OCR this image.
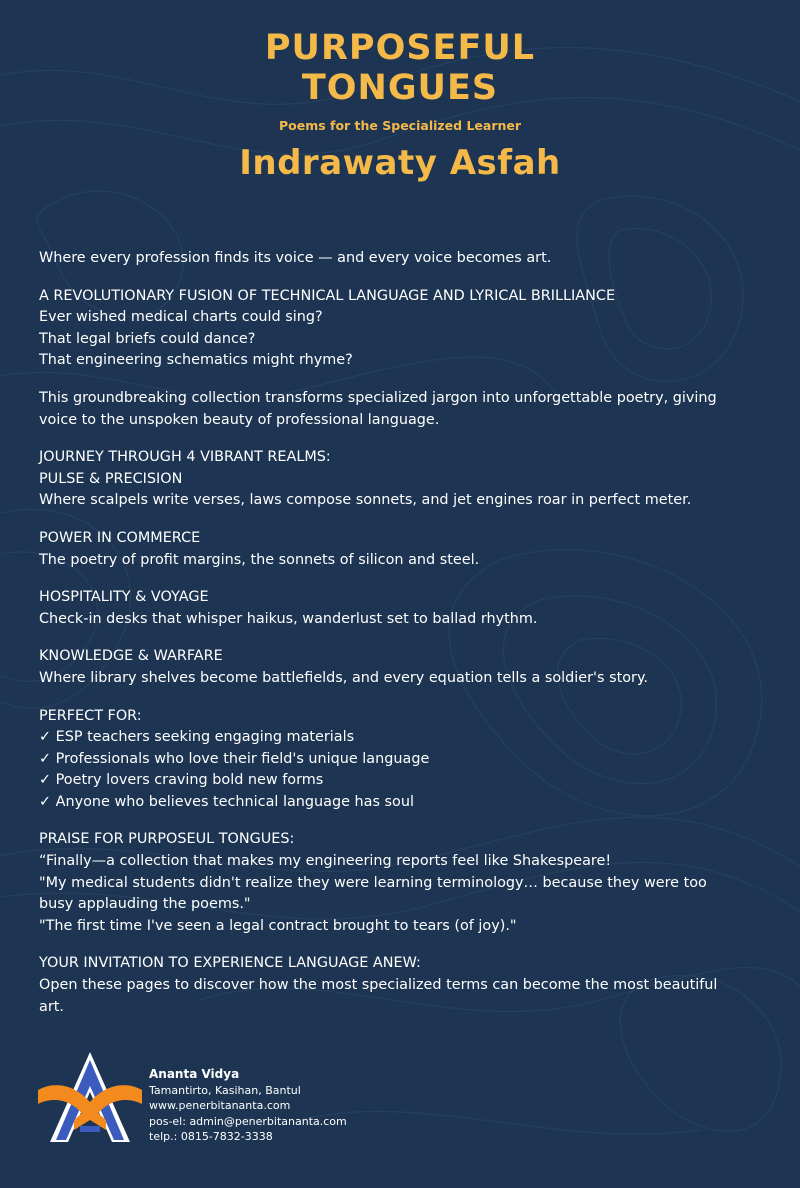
PURPOSEFUL
TONGUES
Poems for the Specialized Learner
Indrawaty Asfah

Where every profession finds its voice — and every voice becomes art.

A REVOLUTIONARY FUSION OF TECHNICAL LANGUAGE AND LYRICAL BRILLIANCE

Ever wished medical charts could sing?

That legal briefs could dance?

That engineering schematics might rhyme?

This groundbreaking collection transforms specialized jargon into unforgettable poetry, giving voice to the unspoken beauty of professional language.

JOURNEY THROUGH 4 VIBRANT REALMS:

PULSE & PRECISION

Where scalpels write verses, laws compose sonnets, and jet engines roar in perfect meter.

POWER IN COMMERCE

The poetry of profit margins, the sonnets of silicon and steel.

HOSPITALITY & VOYAGE

Check-in desks that whisper haikus, wanderlust set to ballad rhythm.

KNOWLEDGE & WARFARE

Where library shelves become battlefields, and every equation tells a soldier's story.

PERFECT FOR:

✓ ESP teachers seeking engaging materials

✓ Professionals who love their field's unique language

✓ Poetry lovers craving bold new forms

✓ Anyone who believes technical language has soul

PRAISE FOR PURPOSEUL TONGUES:

“Finally—a collection that makes my engineering reports feel like Shakespeare!

"My medical students didn't realize they were learning terminology… because they were too busy applauding the poems."

"The first time I've seen a legal contract brought to tears (of joy)."

YOUR INVITATION TO EXPERIENCE LANGUAGE ANEW:

Open these pages to discover how the most specialized terms can become the most beautiful art.

Ananta Vidya
Tamantirto, Kasihan, Bantul
www.penerbitananta.com
pos-el: admin@penerbitananta.com
telp.: 0815-7832-3338
